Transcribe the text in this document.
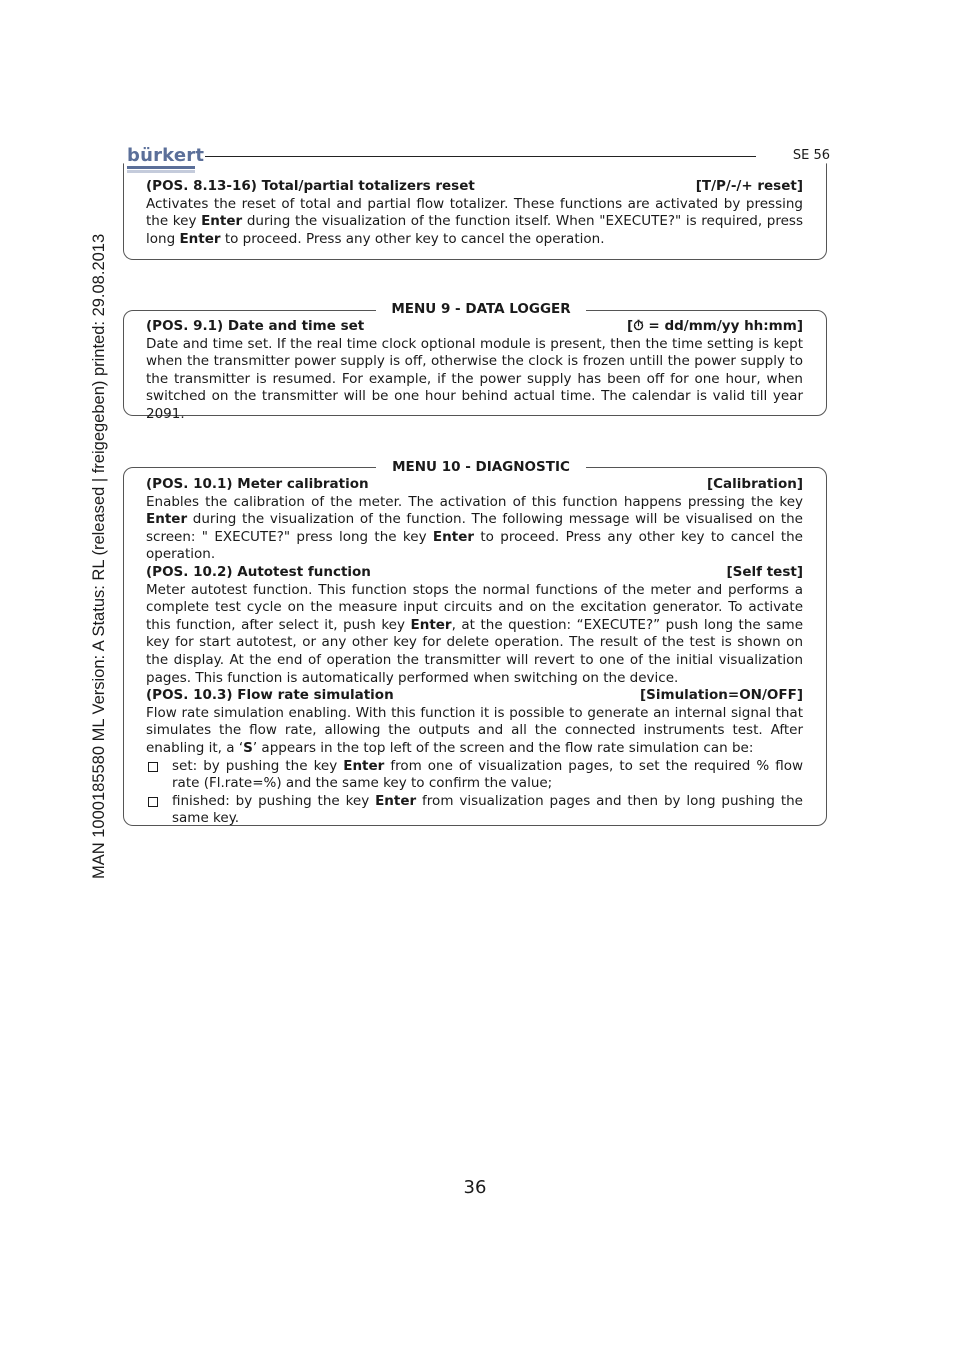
MAN 1000185580 ML Version: A Status: RL (released | freigegeben) printed: 29.08.2013
bürkert	SE 56
(POS. 8.13-16) Total/partial totalizers reset	[T/P/-/+ reset]
Activates the reset of total and partial flow totalizer. These functions are activated by pressing the key Enter during the visualization of the function itself. When "EXECUTE?" is required, press long Enter to proceed. Press any other key to cancel the operation.
MENU 9 - DATA LOGGER
(POS. 9.1) Date and time set	[⏱ = dd/mm/yy hh:mm]
Date and time set. If the real time clock optional module is present, then the time setting is kept when the transmitter power supply is off, otherwise the clock is frozen untill the power supply to the transmitter is resumed. For example, if the power supply has been off for one hour, when switched on the transmitter will be one hour behind actual time. The calendar is valid till year 2091.
MENU 10 - DIAGNOSTIC
(POS. 10.1) Meter calibration	[Calibration]
Enables the calibration of the meter. The activation of this function happens pressing the key Enter during the visualization of the function. The following message will be visualised on the screen: " EXECUTE?" press long the key Enter to proceed. Press any other key to cancel the operation.
(POS. 10.2) Autotest function	[Self test]
Meter autotest function. This function stops the normal functions of the meter and performs a complete test cycle on the measure input circuits and on the excitation generator. To activate this function, after select it, push key Enter, at the question: “EXECUTE?” push long the same key for start autotest, or any other key for delete operation. The result of the test is shown on the display. At the end of operation the transmitter will revert to one of the initial visualization pages. This function is automatically performed when switching on the device.
(POS. 10.3) Flow rate simulation	[Simulation=ON/OFF]
Flow rate simulation enabling. With this function it is possible to generate an internal signal that simulates the flow rate, allowing the outputs and all the connected instruments test. After enabling it, a ‘S’ appears in the top left of the screen and the flow rate simulation can be:
set: by pushing the key Enter from one of visualization pages, to set the required % flow rate (Fl.rate=%) and the same key to confirm the value;
finished: by pushing the key Enter from visualization pages and then by long pushing the same key.
36
